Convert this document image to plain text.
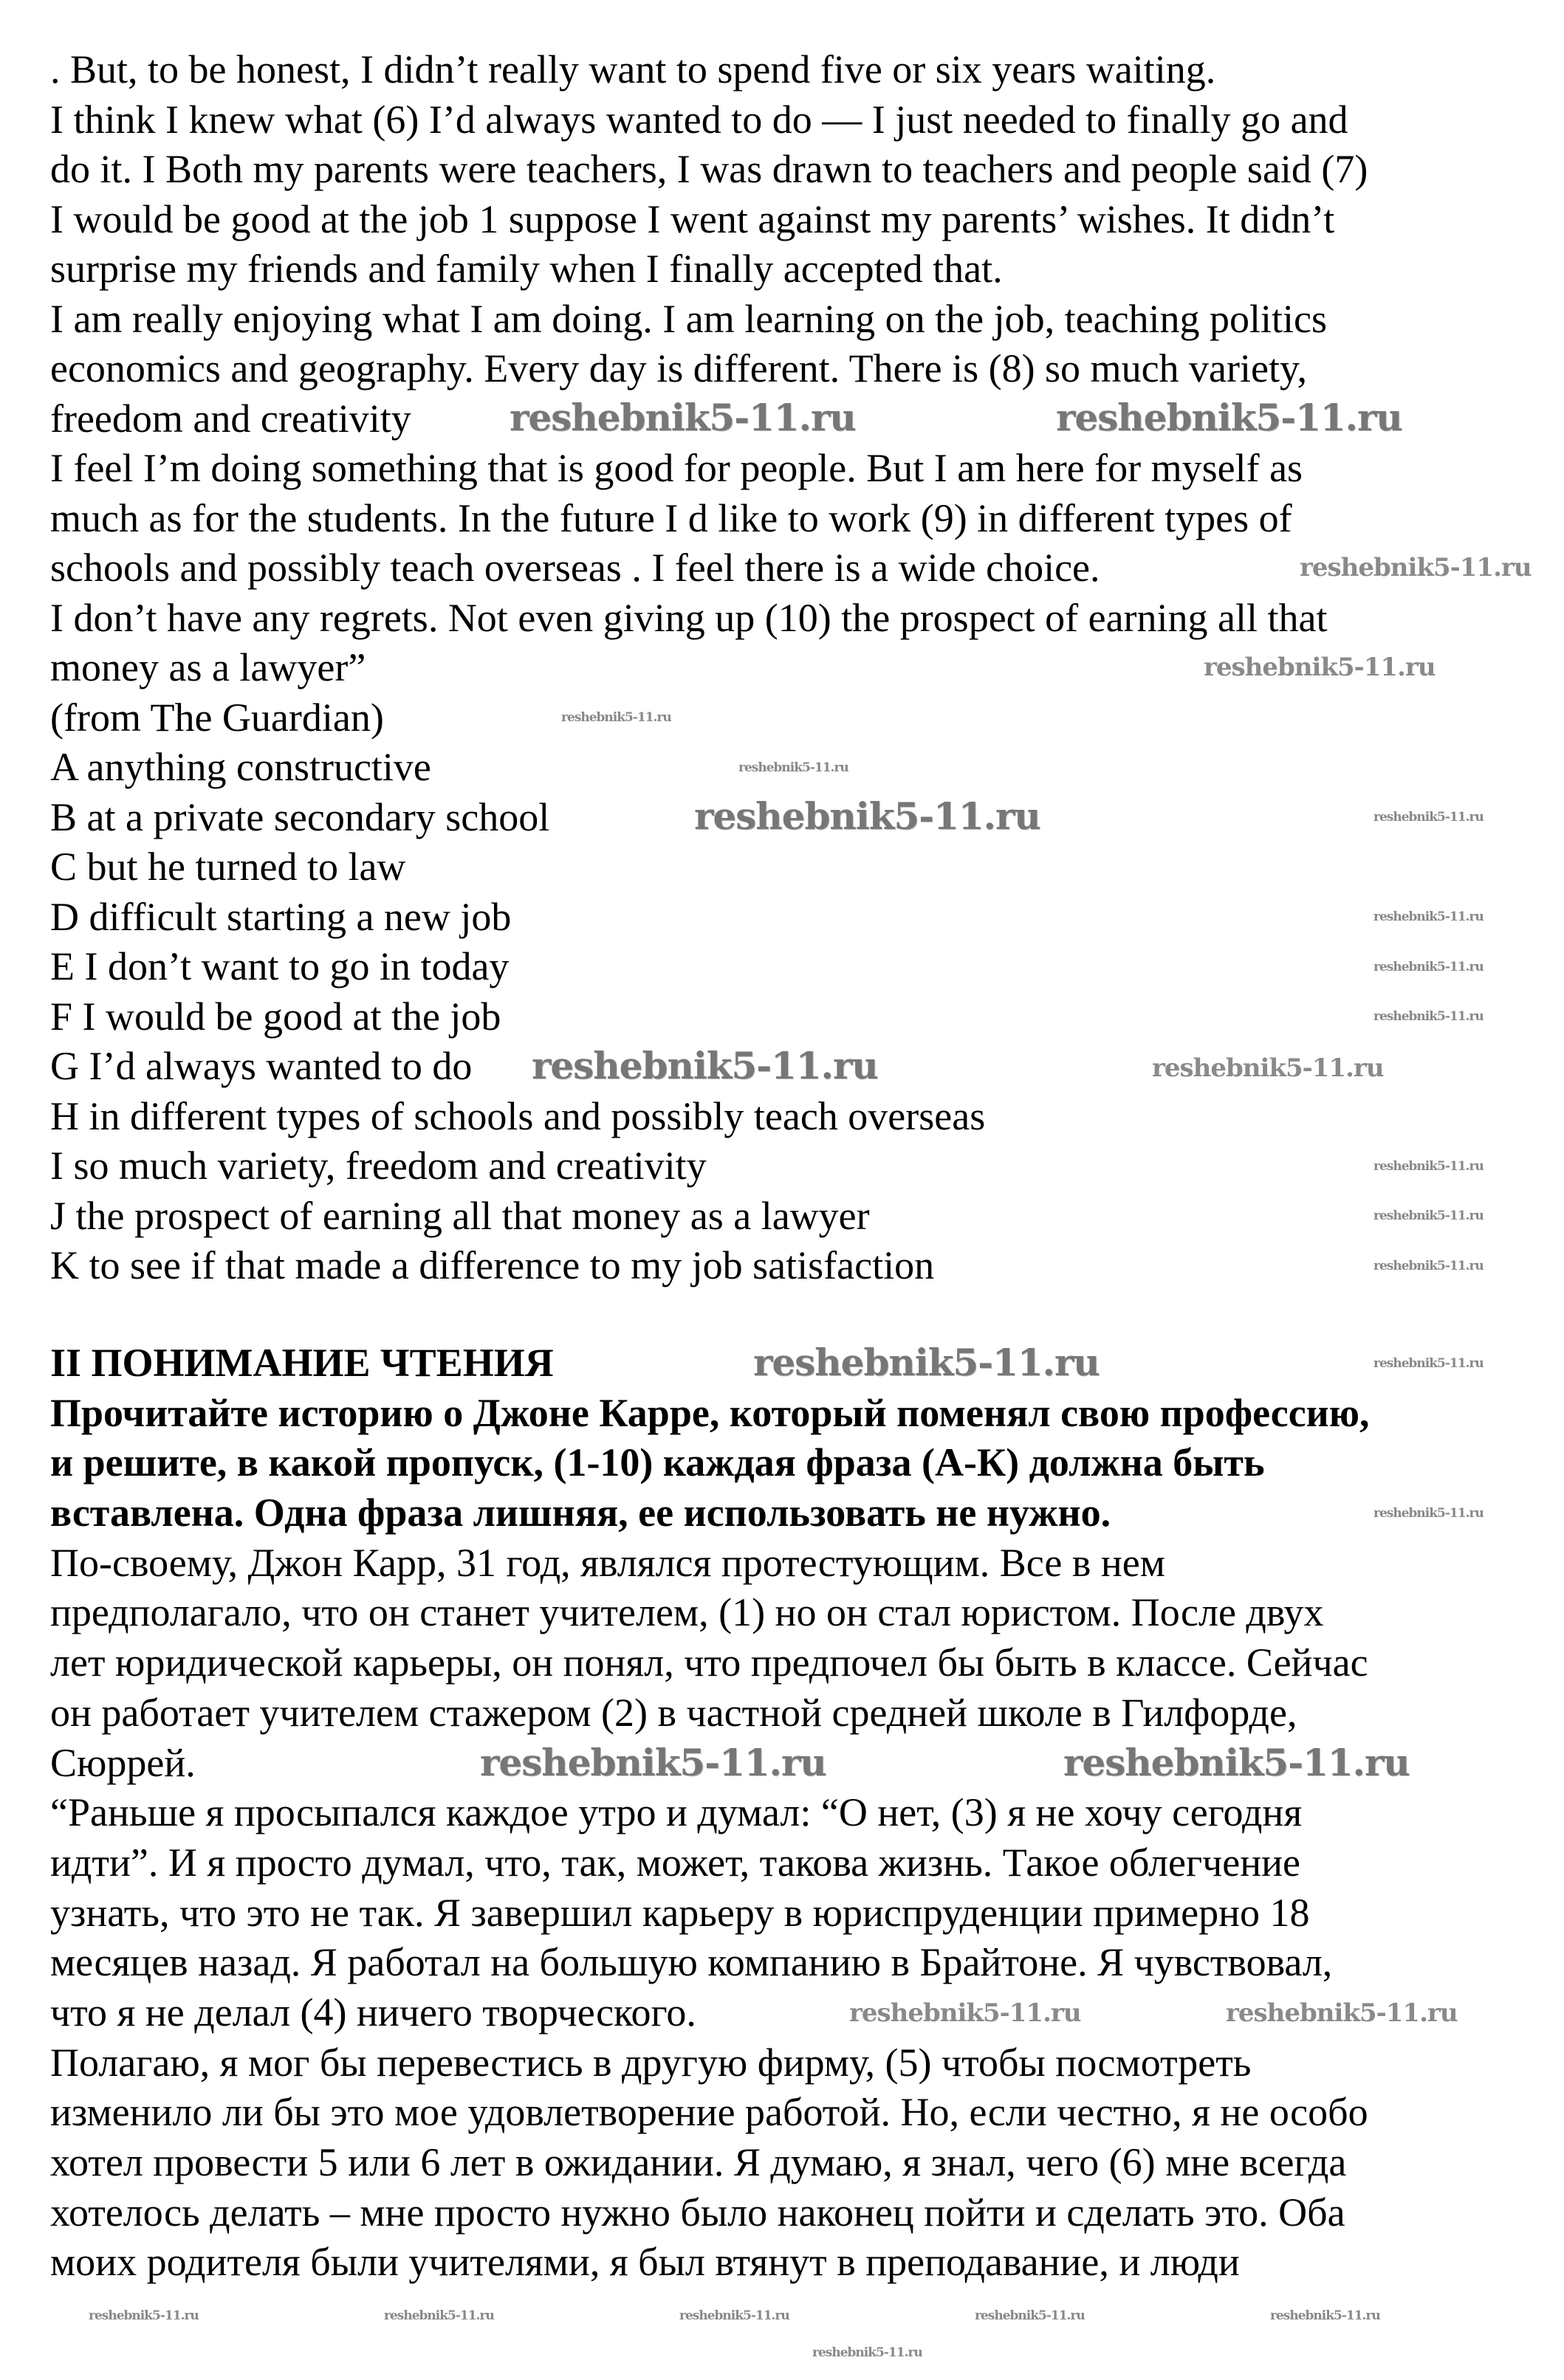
. But, to be honest, I didn’t really want to spend five or six years waiting.
I think I knew what (6) I’d always wanted to do — I just needed to finally go and
do it. I Both my parents were teachers, I was drawn to teachers and people said (7)
I would be good at the job 1 suppose I went against my parents’ wishes. It didn’t
surprise my friends and family when I finally accepted that.
I am really enjoying what I am doing. I am learning on the job, teaching politics
economics and geography. Every day is different. There is (8) so much variety,
freedom and creativity
I feel I’m doing something that is good for people. But I am here for myself as
much as for the students. In the future I d like to work (9) in different types of
schools and possibly teach overseas . I feel there is a wide choice.
I don’t have any regrets. Not even giving up (10) the prospect of earning all that
money as a lawyer”
(from The Guardian)
A anything constructive
B at a private secondary school
C but he turned to law
D difficult starting a new job
E I don’t want to go in today
F I would be good at the job
G I’d always wanted to do
H in different types of schools and possibly teach overseas
I so much variety, freedom and creativity
J the prospect of earning all that money as a lawyer
K to see if that made a difference to my job satisfaction
II ПОНИМАНИЕ ЧТЕНИЯ
Прочитайте историю о Джоне Карре, который поменял свою профессию,
и решите, в какой пропуск, (1-10) каждая фраза (А-К) должна быть
вставлена. Одна фраза лишняя, ее использовать не нужно.
По-своему, Джон Карр, 31 год, являлся протестующим. Все в нем
предполагало, что он станет учителем, (1) но он стал юристом. После двух
лет юридической карьеры, он понял, что предпочел бы быть в классе. Сейчас
он работает учителем стажером (2) в частной средней школе в Гилфорде,
Сюррей.
“Раньше я просыпался каждое утро и думал: “О нет, (3) я не хочу сегодня
идти”. И я просто думал, что, так, может, такова жизнь. Такое облегчение
узнать, что это не так. Я завершил карьеру в юриспруденции примерно 18
месяцев назад. Я работал на большую компанию в Брайтоне. Я чувствовал,
что я не делал (4) ничего творческого.
Полагаю, я мог бы перевестись в другую фирму, (5) чтобы посмотреть
изменило ли бы это мое удовлетворение работой. Но, если честно, я не особо
хотел провести 5 или 6 лет в ожидании. Я думаю, я знал, чего (6) мне всегда
хотелось делать – мне просто нужно было наконец пойти и сделать это. Оба
моих родителя были учителями, я был втянут в преподавание, и люди
reshebnik5-11.ru	reshebnik5-11.ru
reshebnik5-11.ru
reshebnik5-11.ru
reshebnik5-11.ru
reshebnik5-11.ru	reshebnik5-11.ru
reshebnik5-11.ru
reshebnik5-11.ru
reshebnik5-11.ru
reshebnik5-11.ru	reshebnik5-11.ru
reshebnik5-11.ru
reshebnik5-11.ru
reshebnik5-11.ru
reshebnik5-11.ru
reshebnik5-11.ru
reshebnik5-11.ru
reshebnik5-11.ru
reshebnik5-11.ru
reshebnik5-11.ru
reshebnik5-11.ru
reshebnik5-11.ru
reshebnik5-11.ru	reshebnik5-11.ru	reshebnik5-11.ru	reshebnik5-11.ru	reshebnik5-11.ru
reshebnik5-11.ru
